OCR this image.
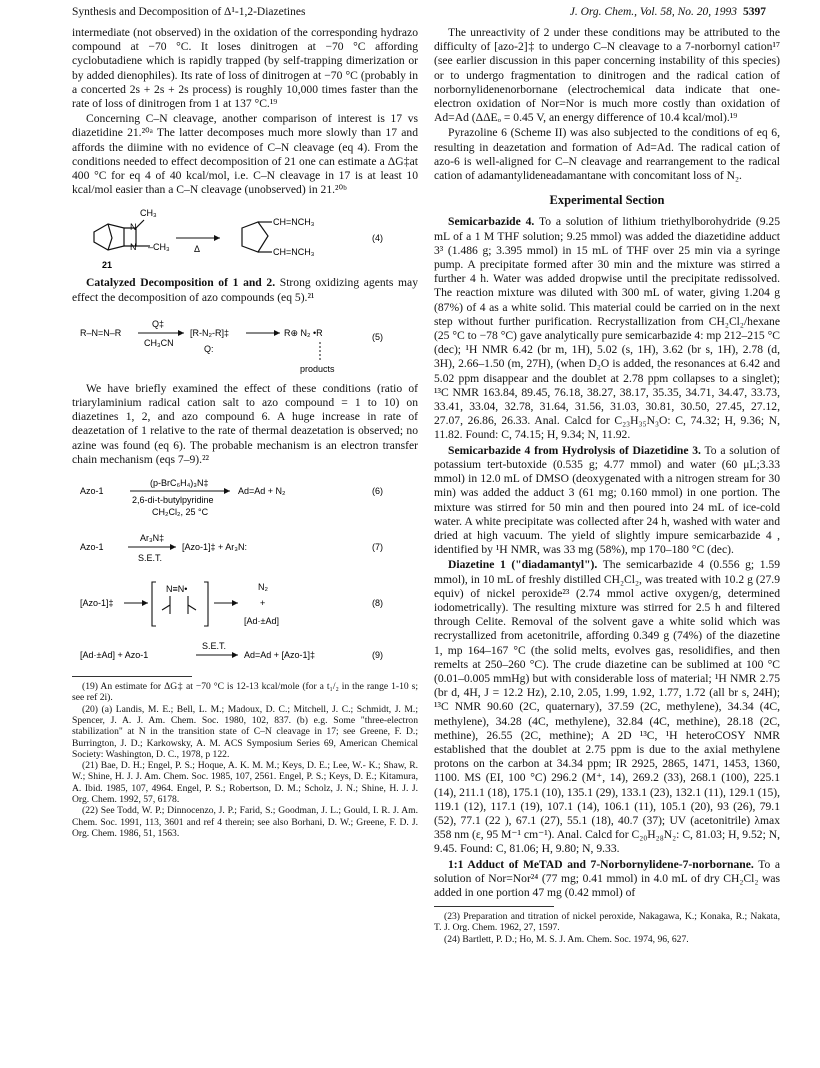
Synthesis and Decomposition of Δ¹-1,2-Diazetines	J. Org. Chem., Vol. 58, No. 20, 1993 5397

intermediate (not observed) in the oxidation of the corresponding hydrazo compound at −70 °C. It loses dinitrogen at −70 °C affording cyclobutadiene which is rapidly trapped (by self-trapping dimerization or by added dienophiles). Its rate of loss of dinitrogen at −70 °C (probably in a concerted 2s + 2s + 2s process) is roughly 10,000 times faster than the rate of loss of dinitrogen from 1 at 137 °C.¹⁹

Concerning C–N cleavage, another comparison of interest is 17 vs diazetidine 21.²⁰ᵃ The latter decomposes much more slowly than 17 and affords the diimine with no evidence of C–N cleavage (eq 4). From the conditions needed to effect decomposition of 21 one can estimate a ΔG‡at 400 °C for eq 4 of 40 kcal/mol, i.e. C–N cleavage in 17 is at least 10 kcal/mol easier than a C–N cleavage (unobserved) in 21.²⁰ᵇ

CH₃
N
N –CH₃
21
Δ
CH=NCH₃
CH=NCH₃
(4)

Catalyzed Decomposition of 1 and 2. Strong oxidizing agents may effect the decomposition of azo compounds (eq 5).²¹

R–N=N–R
Q‡
CH₃CN
[R-N₂-R]‡
Q:
R⊕ N₂ •R
products
(5)

We have briefly examined the effect of these conditions (ratio of triarylaminium radical cation salt to azo compound = 1 to 10) on diazetines 1, 2, and azo compound 6. A huge increase in rate of deazetation of 1 relative to the rate of thermal deazetation is observed; no azine was found (eq 6). The probable mechanism is an electron transfer chain mechanism (eqs 7–9).²²

Azo-1
(p-BrC₆H₄)₃N‡
2,6-di-t-butylpyridine
CH₂Cl₂, 25 °C
Ad=Ad + N₂	(6)
Azo-1
Ar₃N‡
S.E.T.
[Azo-1]‡ + Ar₃N:	(7)
[Azo-1]‡
N≡N•	N₂
+
[Ad·±Ad]
(8)
[Ad·±Ad] + Azo-1
S.E.T.
Ad=Ad + [Azo-1]‡	(9)
(19) An estimate for ΔG‡ at −70 °C is 12-13 kcal/mole (for a t₁/₂ in the range 1-10 s; see ref 2i).
(20) (a) Landis, M. E.; Bell, L. M.; Madoux, D. C.; Mitchell, J. C.; Schmidt, J. M.; Spencer, J. A. J. Am. Chem. Soc. 1980, 102, 837. (b) e.g. Some "three-electron stabilization" at N in the transition state of C–N cleavage in 17; see Greene, F. D.; Burrington, J. D.; Karkowsky, A. M. ACS Symposium Series 69, American Chemical Society: Washington, D. C., 1978, p 122.
(21) Bae, D. H.; Engel, P. S.; Hoque, A. K. M. M.; Keys, D. E.; Lee, W.- K.; Shaw, R. W.; Shine, H. J. J. Am. Chem. Soc. 1985, 107, 2561. Engel, P. S.; Keys, D. E.; Kitamura, A. Ibid. 1985, 107, 4964. Engel, P. S.; Robertson, D. M.; Scholz, J. N.; Shine, H. J. J. Org. Chem. 1992, 57, 6178.
(22) See Todd, W. P.; Dinnocenzo, J. P.; Farid, S.; Goodman, J. L.; Gould, I. R. J. Am. Chem. Soc. 1991, 113, 3601 and ref 4 therein; see also Borhani, D. W.; Greene, F. D. J. Org. Chem. 1986, 51, 1563.

The unreactivity of 2 under these conditions may be attributed to the difficulty of [azo-2]‡ to undergo C–N cleavage to a 7-norbornyl cation¹⁷ (see earlier discussion in this paper concerning instability of this species) or to undergo fragmentation to dinitrogen and the radical cation of norbornylidenenorbornane (electrochemical data indicate that one-electron oxidation of Nor=Nor is much more costly than oxidation of Ad=Ad (ΔΔEₒ = 0.45 V, an energy difference of 10.4 kcal/mol).¹⁹

Pyrazoline 6 (Scheme II) was also subjected to the conditions of eq 6, resulting in deazetation and formation of Ad=Ad. The radical cation of azo-6 is well-aligned for C–N cleavage and rearrangement to the radical cation of adamantylideneadamantane with concomitant loss of N₂.

Experimental Section

Semicarbazide 4. To a solution of lithium triethylborohydride (9.25 mL of a 1 M THF solution; 9.25 mmol) was added the diazetidine adduct 3³ (1.486 g; 3.395 mmol) in 15 mL of THF over 25 min via a syringe pump. A precipitate formed after 30 min and the mixture was stirred a further 4 h. Water was added dropwise until the precipitate redissolved. The reaction mixture was diluted with 300 mL of water, giving 1.204 g (87%) of 4 as a white solid. This material could be carried on in the next step without further purification. Recrystallization from CH₂Cl₂/hexane (25 °C to −78 °C) gave analytically pure semicarbazide 4: mp 212–215 °C (dec); ¹H NMR 6.42 (br m, 1H), 5.02 (s, 1H), 3.62 (br s, 1H), 2.78 (d, 3H), 2.66–1.50 (m, 27H), (when D₂O is added, the resonances at 6.42 and 5.02 ppm disappear and the doublet at 2.78 ppm collapses to a singlet); ¹³C NMR 163.84, 89.45, 76.18, 38.27, 38.17, 35.35, 34.71, 34.47, 33.73, 33.41, 33.04, 32.78, 31.64, 31.56, 31.03, 30.81, 30.50, 27.45, 27.12, 27.07, 26.86, 26.33. Anal. Calcd for C₂₃H₃₅N₃O: C, 74.32; H, 9.36; N, 11.82. Found: C, 74.15; H, 9.34; N, 11.92.

Semicarbazide 4 from Hydrolysis of Diazetidine 3. To a solution of potassium tert-butoxide (0.535 g; 4.77 mmol) and water (60 μL;3.33 mmol) in 12.0 mL of DMSO (deoxygenated with a nitrogen stream for 30 min) was added the adduct 3 (61 mg; 0.160 mmol) in one portion. The mixture was stirred for 50 min and then poured into 24 mL of ice-cold water. A white precipitate was collected after 24 h, washed with water and dried at high vacuum. The yield of slightly impure semicarbazide 4 , identified by ¹H NMR, was 33 mg (58%), mp 170–180 °C (dec).

Diazetine 1 ("diadamantyl"). The semicarbazide 4 (0.556 g; 1.59 mmol), in 10 mL of freshly distilled CH₂Cl₂, was treated with 10.2 g (27.9 equiv) of nickel peroxide²³ (2.74 mmol active oxygen/g, determined iodometrically). The resulting mixture was stirred for 2.5 h and filtered through Celite. Removal of the solvent gave a white solid which was recrystallized from acetonitrile, affording 0.349 g (74%) of the diazetine 1, mp 164–167 °C (the solid melts, evolves gas, resolidifies, and then remelts at 250–260 °C). The crude diazetine can be sublimed at 100 °C (0.01–0.005 mmHg) but with considerable loss of material; ¹H NMR 2.75 (br d, 4H, J = 12.2 Hz), 2.10, 2.05, 1.99, 1.92, 1.77, 1.72 (all br s, 24H); ¹³C NMR 90.60 (2C, quaternary), 37.59 (2C, methylene), 34.34 (4C, methylene), 34.28 (4C, methylene), 32.84 (4C, methine), 28.18 (2C, methine), 26.55 (2C, methine); A 2D ¹³C, ¹H heteroCOSY NMR established that the doublet at 2.75 ppm is due to the axial methylene protons on the carbon at 34.34 ppm; IR 2925, 2865, 1471, 1453, 1360, 1100. MS (EI, 100 °C) 296.2 (M⁺, 14), 269.2 (33), 268.1 (100), 225.1 (14), 211.1 (18), 175.1 (10), 135.1 (29), 133.1 (23), 132.1 (11), 129.1 (15), 119.1 (12), 117.1 (19), 107.1 (14), 106.1 (11), 105.1 (20), 93 (26), 79.1 (52), 77.1 (22 ), 67.1 (27), 55.1 (18), 40.7 (37); UV (acetonitrile) λmax 358 nm (ε, 95 M⁻¹ cm⁻¹). Anal. Calcd for C₂₀H₂₈N₂: C, 81.03; H, 9.52; N, 9.45. Found: C, 81.06; H, 9.80; N, 9.33.

1:1 Adduct of MeTAD and 7-Norbornylidene-7-norbornane. To a solution of Nor=Nor²⁴ (77 mg; 0.41 mmol) in 4.0 mL of dry CH₂Cl₂ was added in one portion 47 mg (0.42 mmol) of

(23) Preparation and titration of nickel peroxide, Nakagawa, K.; Konaka, R.; Nakata, T. J. Org. Chem. 1962, 27, 1597.
(24) Bartlett, P. D.; Ho, M. S. J. Am. Chem. Soc. 1974, 96, 627.
